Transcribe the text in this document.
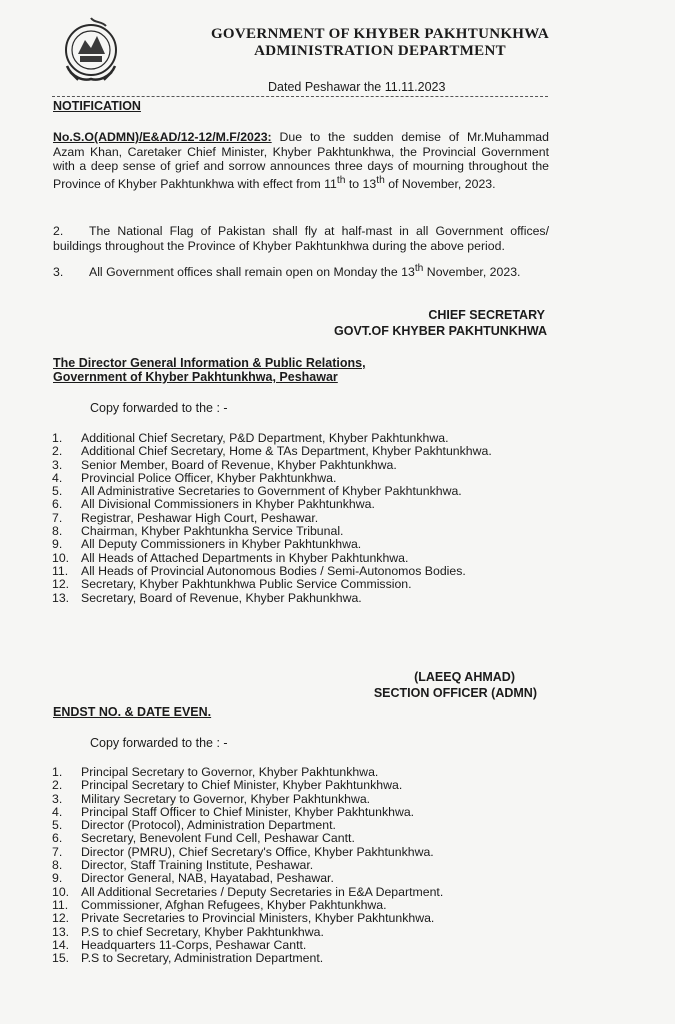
GOVERNMENT OF KHYBER PAKHTUNKHWA
ADMINISTRATION DEPARTMENT
Dated Peshawar the 11.11.2023
NOTIFICATION
No.S.O(ADMN)/E&AD/12-12/M.F/2023: Due to the sudden demise of Mr.Muhammad Azam Khan, Caretaker Chief Minister, Khyber Pakhtunkhwa, the Provincial Government with a deep sense of grief and sorrow announces three days of mourning throughout the Province of Khyber Pakhtunkhwa with effect from 11th to 13th of November, 2023.
2. The National Flag of Pakistan shall fly at half-mast in all Government offices/ buildings throughout the Province of Khyber Pakhtunkhwa during the above period.
3. All Government offices shall remain open on Monday the 13th November, 2023.
CHIEF SECRETARY
GOVT.OF KHYBER PAKHTUNKHWA
The Director General Information & Public Relations,
Government of Khyber Pakhtunkhwa, Peshawar
Copy forwarded to the : -
1. Additional Chief Secretary, P&D Department, Khyber Pakhtunkhwa.
2. Additional Chief Secretary, Home & TAs Department, Khyber Pakhtunkhwa.
3. Senior Member, Board of Revenue, Khyber Pakhtunkhwa.
4. Provincial Police Officer, Khyber Pakhtunkhwa.
5. All Administrative Secretaries to Government of Khyber Pakhtunkhwa.
6. All Divisional Commissioners in Khyber Pakhtunkhwa.
7. Registrar, Peshawar High Court, Peshawar.
8. Chairman, Khyber Pakhtunkha Service Tribunal.
9. All Deputy Commissioners in Khyber Pakhtunkhwa.
10. All Heads of Attached Departments in Khyber Pakhtunkhwa.
11. All Heads of Provincial Autonomous Bodies / Semi-Autonomos Bodies.
12. Secretary, Khyber Pakhtunkhwa Public Service Commission.
13. Secretary, Board of Revenue, Khyber Pakhunkhwa.
(LAEEQ AHMAD)
SECTION OFFICER (ADMN)
ENDST NO. & DATE EVEN.
Copy forwarded to the : -
1. Principal Secretary to Governor, Khyber Pakhtunkhwa.
2. Principal Secretary to Chief Minister, Khyber Pakhtunkhwa.
3. Military Secretary to Governor, Khyber Pakhtunkhwa.
4. Principal Staff Officer to Chief Minister, Khyber Pakhtunkhwa.
5. Director (Protocol), Administration Department.
6. Secretary, Benevolent Fund Cell, Peshawar Cantt.
7. Director (PMRU), Chief Secretary's Office, Khyber Pakhtunkhwa.
8. Director, Staff Training Institute, Peshawar.
9. Director General, NAB, Hayatabad, Peshawar.
10. All Additional Secretaries / Deputy Secretaries in E&A Department.
11. Commissioner, Afghan Refugees, Khyber Pakhtunkhwa.
12. Private Secretaries to Provincial Ministers, Khyber Pakhtunkhwa.
13. P.S to chief Secretary, Khyber Pakhtunkhwa.
14. Headquarters 11-Corps, Peshawar Cantt.
15. P.S to Secretary, Administration Department.
